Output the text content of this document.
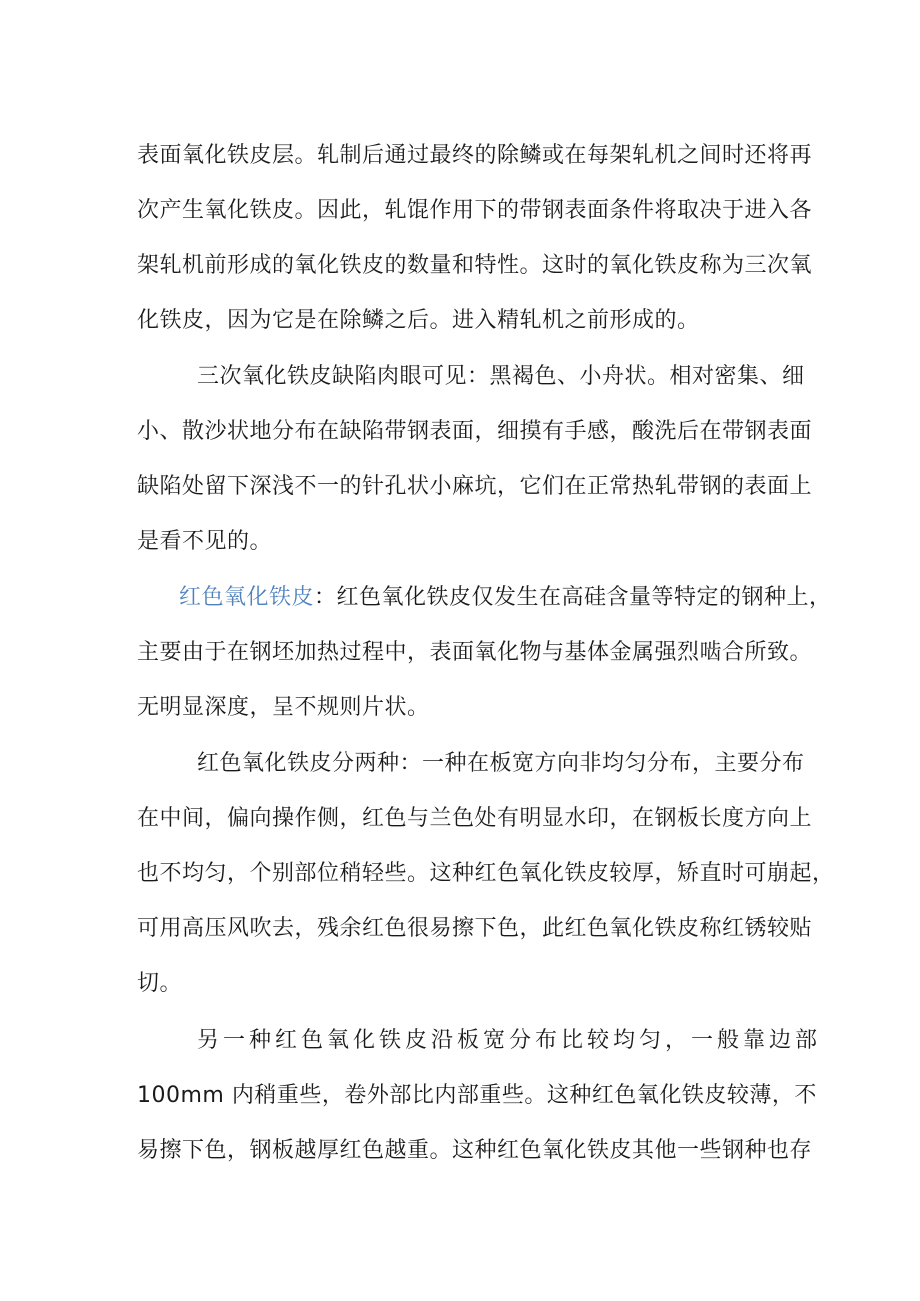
表面氧化铁皮层。轧制后通过最终的除鳞或在每架轧机之间时还将再
次产生氧化铁皮。因此，轧馄作用下的带钢表面条件将取决于进入各
架轧机前形成的氧化铁皮的数量和特性。这时的氧化铁皮称为三次氧
化铁皮，因为它是在除鳞之后。进入精轧机之前形成的。
三次氧化铁皮缺陷肉眼可见：黑褐色、小舟状。相对密集、细
小、散沙状地分布在缺陷带钢表面，细摸有手感，酸洗后在带钢表面
缺陷处留下深浅不一的针孔状小麻坑，它们在正常热轧带钢的表面上
是看不见的。
红色氧化铁皮：红色氧化铁皮仅发生在高硅含量等特定的钢种上，
主要由于在钢坯加热过程中，表面氧化物与基体金属强烈啮合所致。
无明显深度，呈不规则片状。
红色氧化铁皮分两种：一种在板宽方向非均匀分布，主要分布
在中间，偏向操作侧，红色与兰色处有明显水印，在钢板长度方向上
也不均匀，个别部位稍轻些。这种红色氧化铁皮较厚，矫直时可崩起，
可用高压风吹去，残余红色很易擦下色，此红色氧化铁皮称红锈较贴
切。
另一种红色氧化铁皮沿板宽分布比较均匀，一般靠边部
100mm 内稍重些，卷外部比内部重些。这种红色氧化铁皮较薄，不
易擦下色，钢板越厚红色越重。这种红色氧化铁皮其他一些钢种也存
